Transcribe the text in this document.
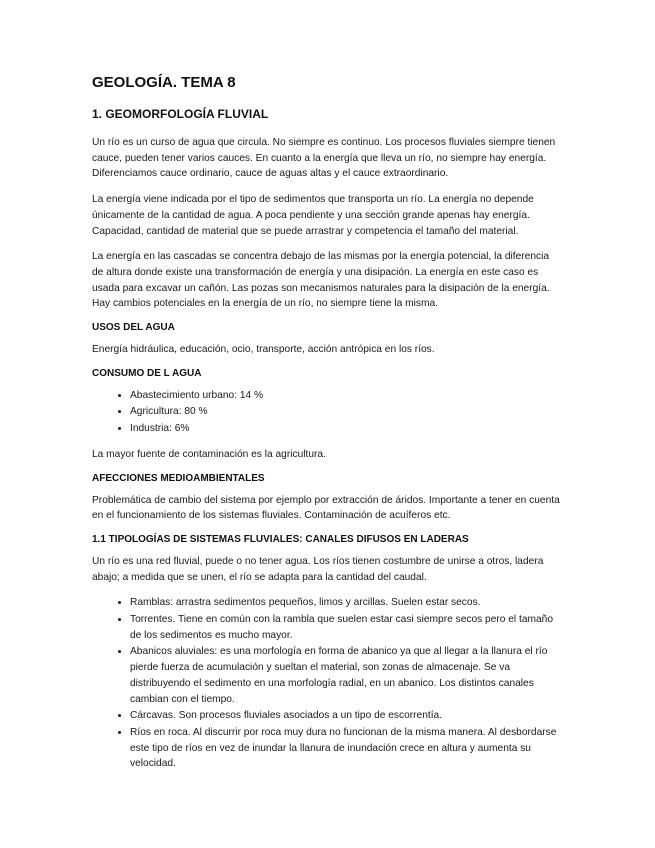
GEOLOGÍA. TEMA 8
1. GEOMORFOLOGÍA FLUVIAL

Un río es un curso de agua que circula. No siempre es continuo. Los procesos fluviales siempre tienen cauce, pueden tener varios cauces. En cuanto a la energía que lleva un río, no siempre hay energía. Diferenciamos cauce ordinario, cauce de aguas altas y el cauce extraordinario.

La energía viene indicada por el tipo de sedimentos que transporta un río. La energía no depende únicamente de la cantidad de agua. A poca pendiente y una sección grande apenas hay energía. Capacidad, cantidad de material que se puede arrastrar y competencia el tamaño del material.

La energía en las cascadas se concentra debajo de las mismas por la energía potencial, la diferencia de altura donde existe una transformación de energía y una disipación. La energía en este caso es usada para excavar un cañón. Las pozas son mecanismos naturales para la disipación de la energía. Hay cambios potenciales en la energía de un río, no siempre tiene la misma.

USOS DEL AGUA

Energía hidráulica, educación, ocio, transporte, acción antrópica en los ríos.

CONSUMO DE L AGUA
• Abastecimiento urbano: 14 %
• Agricultura: 80 %
• Industria: 6%

La mayor fuente de contaminación es la agricultura.

AFECCIONES MEDIOAMBIENTALES

Problemática de cambio del sistema por ejemplo por extracción de áridos. Importante a tener en cuenta en el funcionamiento de los sistemas fluviales. Contaminación de acuíferos etc.

1.1 TIPOLOGÍAS DE SISTEMAS FLUVIALES: CANALES DIFUSOS EN LADERAS

Un río es una red fluvial, puede o no tener agua. Los ríos tienen costumbre de unirse a otros, ladera abajo; a medida que se unen, el río se adapta para la cantidad del caudal.

• Ramblas: arrastra sedimentos pequeños, limos y arcillas. Suelen estar secos.
• Torrentes. Tiene en común con la rambla que suelen estar casi siempre secos pero el tamaño de los sedimentos es mucho mayor.
• Abanicos aluviales: es una morfología en forma de abanico ya que al llegar a la llanura el río pierde fuerza de acumulación y sueltan el material, son zonas de almacenaje. Se va distribuyendo el sedimento en una morfología radial, en un abanico. Los distintos canales cambian con el tiempo.
• Cárcavas. Son procesos fluviales asociados a un tipo de escorrentía.
• Ríos en roca. Al discurrir por roca muy dura no funcionan de la misma manera. Al desbordarse este tipo de ríos en vez de inundar la llanura de inundación crece en altura y aumenta su velocidad.
